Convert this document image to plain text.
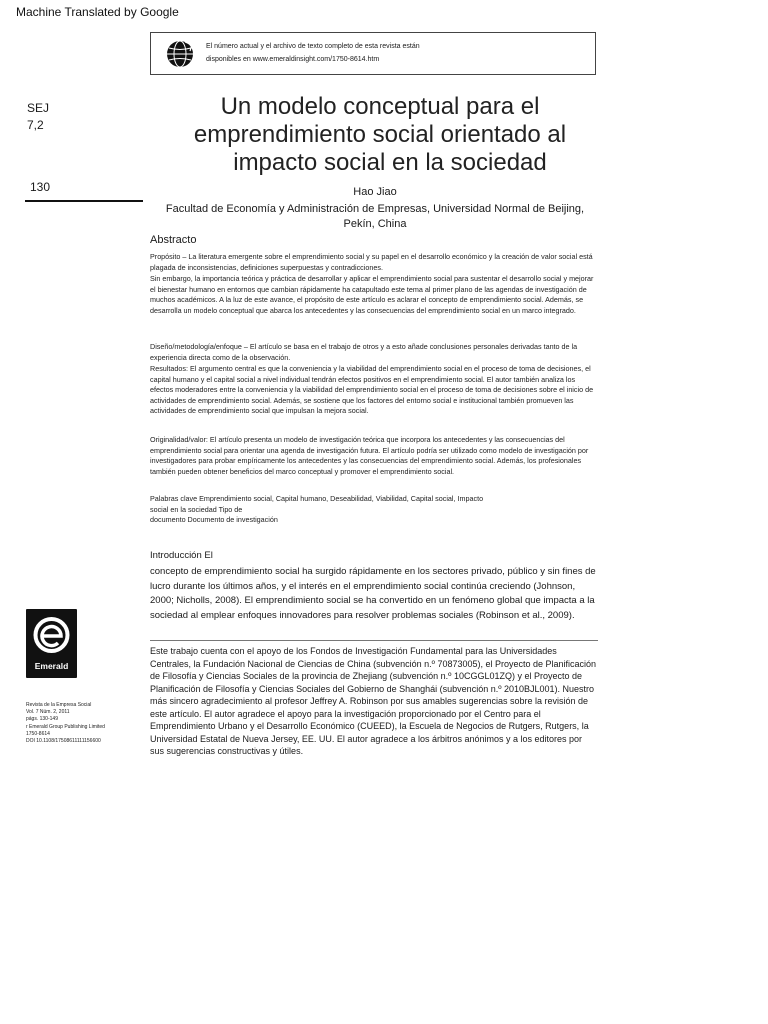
Machine Translated by Google
El número actual y el archivo de texto completo de esta revista están
disponibles en www.emeraldinsight.com/1750-8614.htm
SEJ
7,2
130
Un modelo conceptual para el
emprendimiento social orientado al
impacto social en la sociedad
Hao Jiao
Facultad de Economía y Administración de Empresas, Universidad Normal de Beijing,
Pekín, China
Abstracto
Propósito – La literatura emergente sobre el emprendimiento social y su papel en el desarrollo económico y la creación de valor social está plagada de inconsistencias, definiciones superpuestas y contradicciones.
Sin embargo, la importancia teórica y práctica de desarrollar y aplicar el emprendimiento social para sustentar el desarrollo social y mejorar el bienestar humano en entornos que cambian rápidamente ha catapultado este tema al primer plano de las agendas de investigación de muchos académicos. A la luz de este avance, el propósito de este artículo es aclarar el concepto de emprendimiento social. Además, se desarrolla un modelo conceptual que abarca los antecedentes y las consecuencias del emprendimiento social en un marco integrado.
Diseño/metodología/enfoque – El artículo se basa en el trabajo de otros y a esto añade conclusiones personales derivadas tanto de la experiencia directa como de la observación.
Resultados: El argumento central es que la conveniencia y la viabilidad del emprendimiento social en el proceso de toma de decisiones, el capital humano y el capital social a nivel individual tendrán efectos positivos en el emprendimiento social. El autor también analiza los efectos moderadores entre la conveniencia y la viabilidad del emprendimiento social en el proceso de toma de decisiones sobre el inicio de actividades de emprendimiento social. Además, se sostiene que los factores del entorno social e institucional también promueven las actividades de emprendimiento social que impulsan la mejora social.
Originalidad/valor: El artículo presenta un modelo de investigación teórica que incorpora los antecedentes y las consecuencias del emprendimiento social para orientar una agenda de investigación futura. El artículo podría ser utilizado como modelo de investigación por investigadores para probar empíricamente los antecedentes y las consecuencias del emprendimiento social. Además, los profesionales también pueden obtener beneficios del marco conceptual y promover el emprendimiento social.
Palabras clave Emprendimiento social, Capital humano, Deseabilidad, Viabilidad, Capital social, Impacto
social en la sociedad Tipo de
documento Documento de investigación
Introducción El
concepto de emprendimiento social ha surgido rápidamente en los sectores privado, público y sin fines de lucro durante los últimos años, y el interés en el emprendimiento social continúa creciendo (Johnson, 2000; Nicholls, 2008). El emprendimiento social se ha convertido en un fenómeno global que impacta a la sociedad al emplear enfoques innovadores para resolver problemas sociales (Robinson et al., 2009).
Este trabajo cuenta con el apoyo de los Fondos de Investigación Fundamental para las Universidades Centrales, la Fundación Nacional de Ciencias de China (subvención n.º 70873005), el Proyecto de Planificación de Filosofía y Ciencias Sociales de la provincia de Zhejiang (subvención n.º 10CGGL01ZQ) y el Proyecto de Planificación de Filosofía y Ciencias Sociales del Gobierno de Shanghái (subvención n.º 2010BJL001). Nuestro más sincero agradecimiento al profesor Jeffrey A. Robinson por sus amables sugerencias sobre la revisión de este artículo. El autor agradece el apoyo para la investigación proporcionado por el Centro para el Emprendimiento Urbano y el Desarrollo Económico (CUEED), la Escuela de Negocios de Rutgers, Rutgers, la Universidad Estatal de Nueva Jersey, EE. UU. El autor agradece a los árbitros anónimos y a los editores por sus sugerencias constructivas y útiles.
Emerald
Revista de la Empresa Social
Vol. 7 Núm. 2, 2011
págs. 130-149
r Emerald Group Publishing Limited
1750-8614
DOI 10.1108/17508611111156600
